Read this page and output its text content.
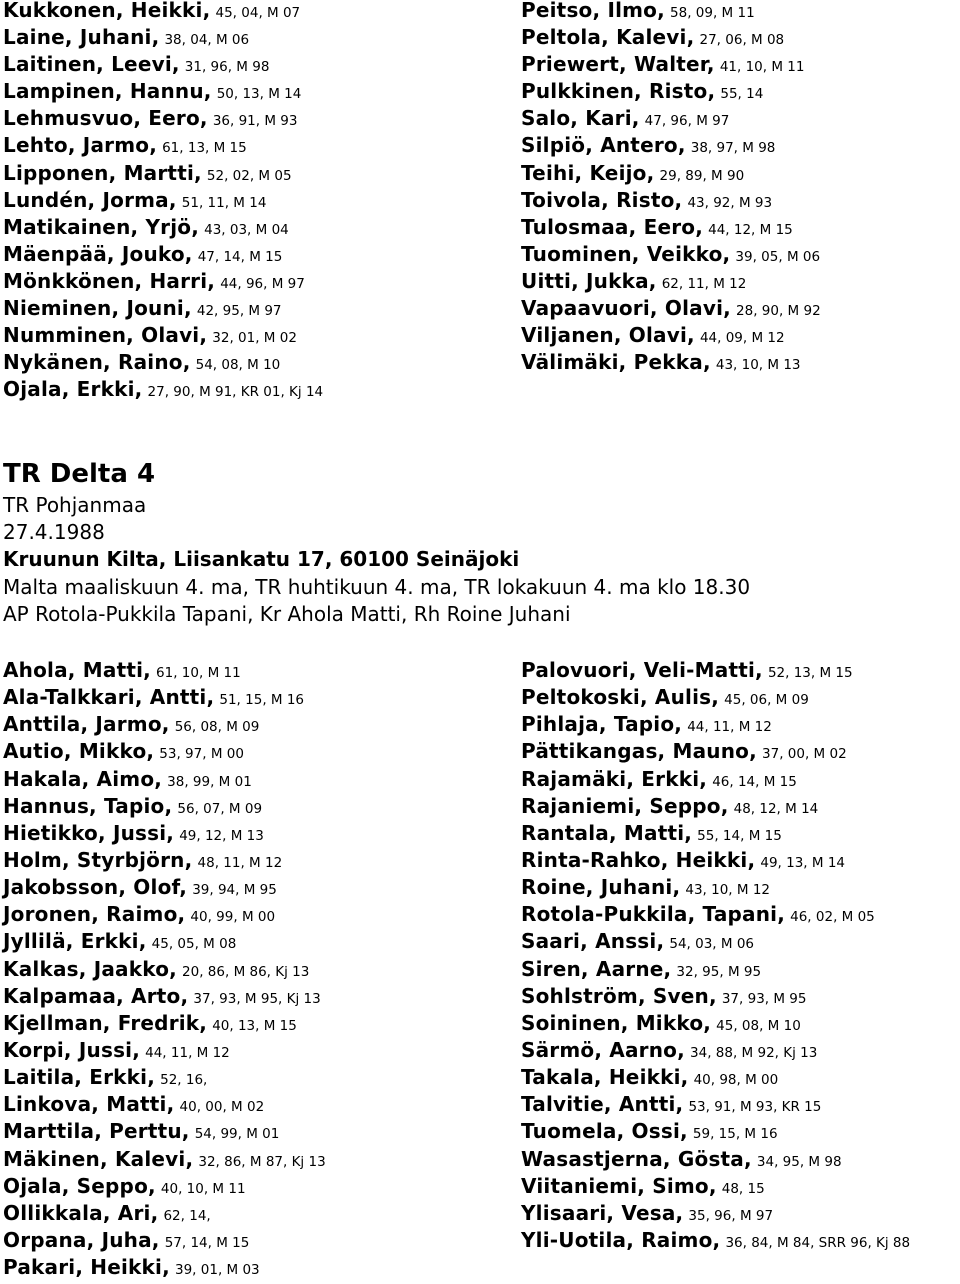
Kukkonen, Heikki, 45, 04, M 07
Laine, Juhani, 38, 04, M 06
Laitinen, Leevi, 31, 96, M 98
Lampinen, Hannu, 50, 13, M 14
Lehmusvuo, Eero, 36, 91, M 93
Lehto, Jarmo, 61, 13, M 15
Lipponen, Martti, 52, 02, M 05
Lundén, Jorma, 51, 11, M 14
Matikainen, Yrjö, 43, 03, M 04
Mäenpää, Jouko, 47, 14, M 15
Mönkkönen, Harri, 44, 96, M 97
Nieminen, Jouni, 42, 95, M 97
Numminen, Olavi, 32, 01, M 02
Nykänen, Raino, 54, 08, M 10
Ojala, Erkki, 27, 90, M 91, KR 01, Kj 14
Peitso, Ilmo, 58, 09, M 11
Peltola, Kalevi, 27, 06, M 08
Priewert, Walter, 41, 10, M 11
Pulkkinen, Risto, 55, 14
Salo, Kari, 47, 96, M 97
Silpiö, Antero, 38, 97, M 98
Teihi, Keijo, 29, 89, M 90
Toivola, Risto, 43, 92, M 93
Tulosmaa, Eero, 44, 12, M 15
Tuominen, Veikko, 39, 05, M 06
Uitti, Jukka, 62, 11, M 12
Vapaavuori, Olavi, 28, 90, M 92
Viljanen, Olavi, 44, 09, M 12
Välimäki, Pekka, 43, 10, M 13
TR Delta 4
TR Pohjanmaa
27.4.1988
Kruunun Kilta, Liisankatu 17, 60100 Seinäjoki
Malta maaliskuun 4. ma, TR huhtikuun 4. ma, TR lokakuun 4. ma klo 18.30
AP Rotola-Pukkila Tapani, Kr Ahola Matti, Rh Roine Juhani
Ahola, Matti, 61, 10, M 11
Ala-Talkkari, Antti, 51, 15, M 16
Anttila, Jarmo, 56, 08, M 09
Autio, Mikko, 53, 97, M 00
Hakala, Aimo, 38, 99, M 01
Hannus, Tapio, 56, 07, M 09
Hietikko, Jussi, 49, 12, M 13
Holm, Styrbjörn, 48, 11, M 12
Jakobsson, Olof, 39, 94, M 95
Joronen, Raimo, 40, 99, M 00
Jyllilä, Erkki, 45, 05, M 08
Kalkas, Jaakko, 20, 86, M 86, Kj 13
Kalpamaa, Arto, 37, 93, M 95, Kj 13
Kjellman, Fredrik, 40, 13, M 15
Korpi, Jussi, 44, 11, M 12
Laitila, Erkki, 52, 16,
Linkova, Matti, 40, 00, M 02
Marttila, Perttu, 54, 99, M 01
Mäkinen, Kalevi, 32, 86, M 87, Kj 13
Ojala, Seppo, 40, 10, M 11
Ollikkala, Ari, 62, 14,
Orpana, Juha, 57, 14, M 15
Pakari, Heikki, 39, 01, M 03
Palovuori, Veli-Matti, 52, 13, M 15
Peltokoski, Aulis, 45, 06, M 09
Pihlaja, Tapio, 44, 11, M 12
Pättikangas, Mauno, 37, 00, M 02
Rajamäki, Erkki, 46, 14, M 15
Rajaniemi, Seppo, 48, 12, M 14
Rantala, Matti, 55, 14, M 15
Rinta-Rahko, Heikki, 49, 13, M 14
Roine, Juhani, 43, 10, M 12
Rotola-Pukkila, Tapani, 46, 02, M 05
Saari, Anssi, 54, 03, M 06
Siren, Aarne, 32, 95, M 95
Sohlström, Sven, 37, 93, M 95
Soininen, Mikko, 45, 08, M 10
Särmö, Aarno, 34, 88, M 92, Kj 13
Takala, Heikki, 40, 98, M 00
Talvitie, Antti, 53, 91, M 93, KR 15
Tuomela, Ossi, 59, 15, M 16
Wasastjerna, Gösta, 34, 95, M 98
Viitaniemi, Simo, 48, 15
Ylisaari, Vesa, 35, 96, M 97
Yli-Uotila, Raimo, 36, 84, M 84, SRR 96, Kj 88
